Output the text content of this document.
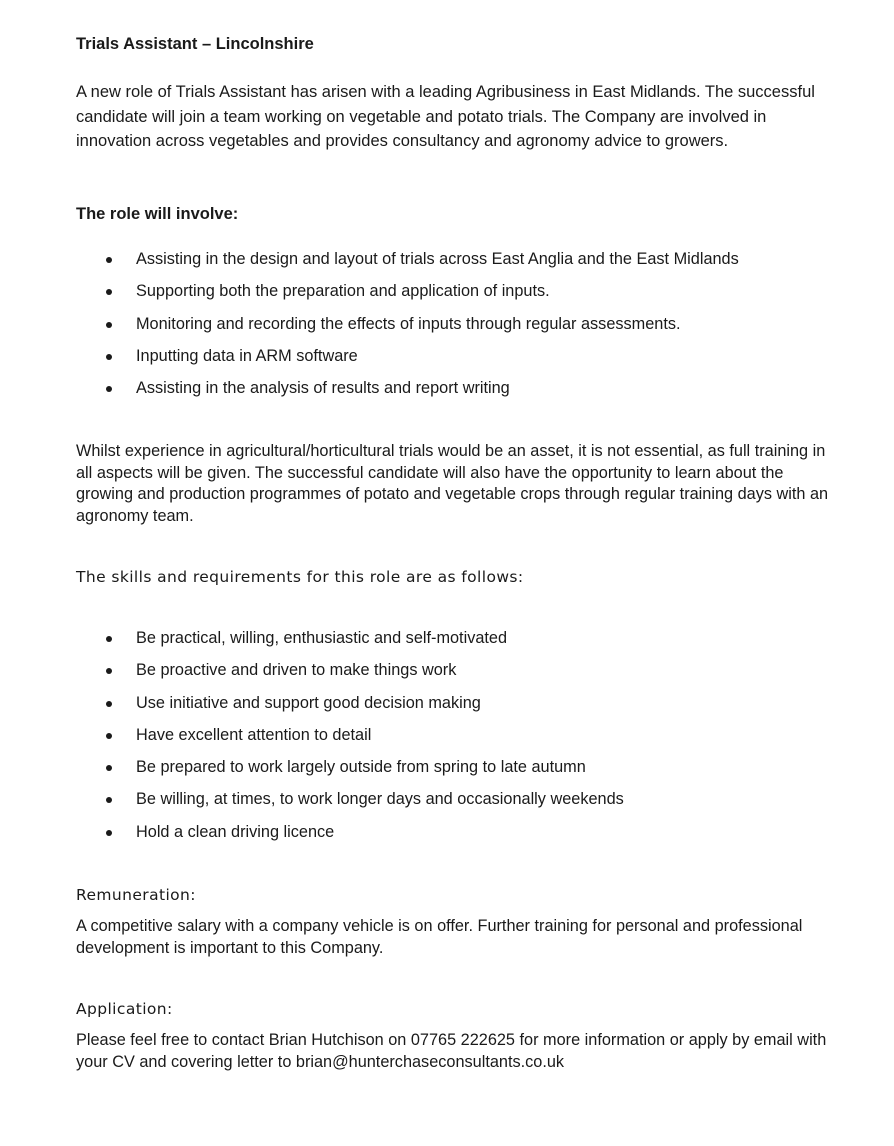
Trials Assistant – Lincolnshire

A new role of Trials Assistant has arisen with a leading Agribusiness in East Midlands. The successful candidate will join a team working on vegetable and potato trials. The Company are involved in innovation across vegetables and provides consultancy and agronomy advice to growers.

The role will involve:
Assisting in the design and layout of trials across East Anglia and the East Midlands
Supporting both the preparation and application of inputs.
Monitoring and recording the effects of inputs through regular assessments.
Inputting data in ARM software
Assisting in the analysis of results and report writing

Whilst experience in agricultural/horticultural trials would be an asset, it is not essential, as full training in all aspects will be given. The successful candidate will also have the opportunity to learn about the growing and production programmes of potato and vegetable crops through regular training days with an agronomy team.

The skills and requirements for this role are as follows:
Be practical, willing, enthusiastic and self-motivated
Be proactive and driven to make things work
Use initiative and support good decision making
Have excellent attention to detail
Be prepared to work largely outside from spring to late autumn
Be willing, at times, to work longer days and occasionally weekends
Hold a clean driving licence
Remuneration:

A competitive salary with a company vehicle is on offer. Further training for personal and professional development is important to this Company.

Application:

Please feel free to contact Brian Hutchison on 07765 222625 for more information or apply by email with your CV and covering letter to brian@hunterchaseconsultants.co.uk
